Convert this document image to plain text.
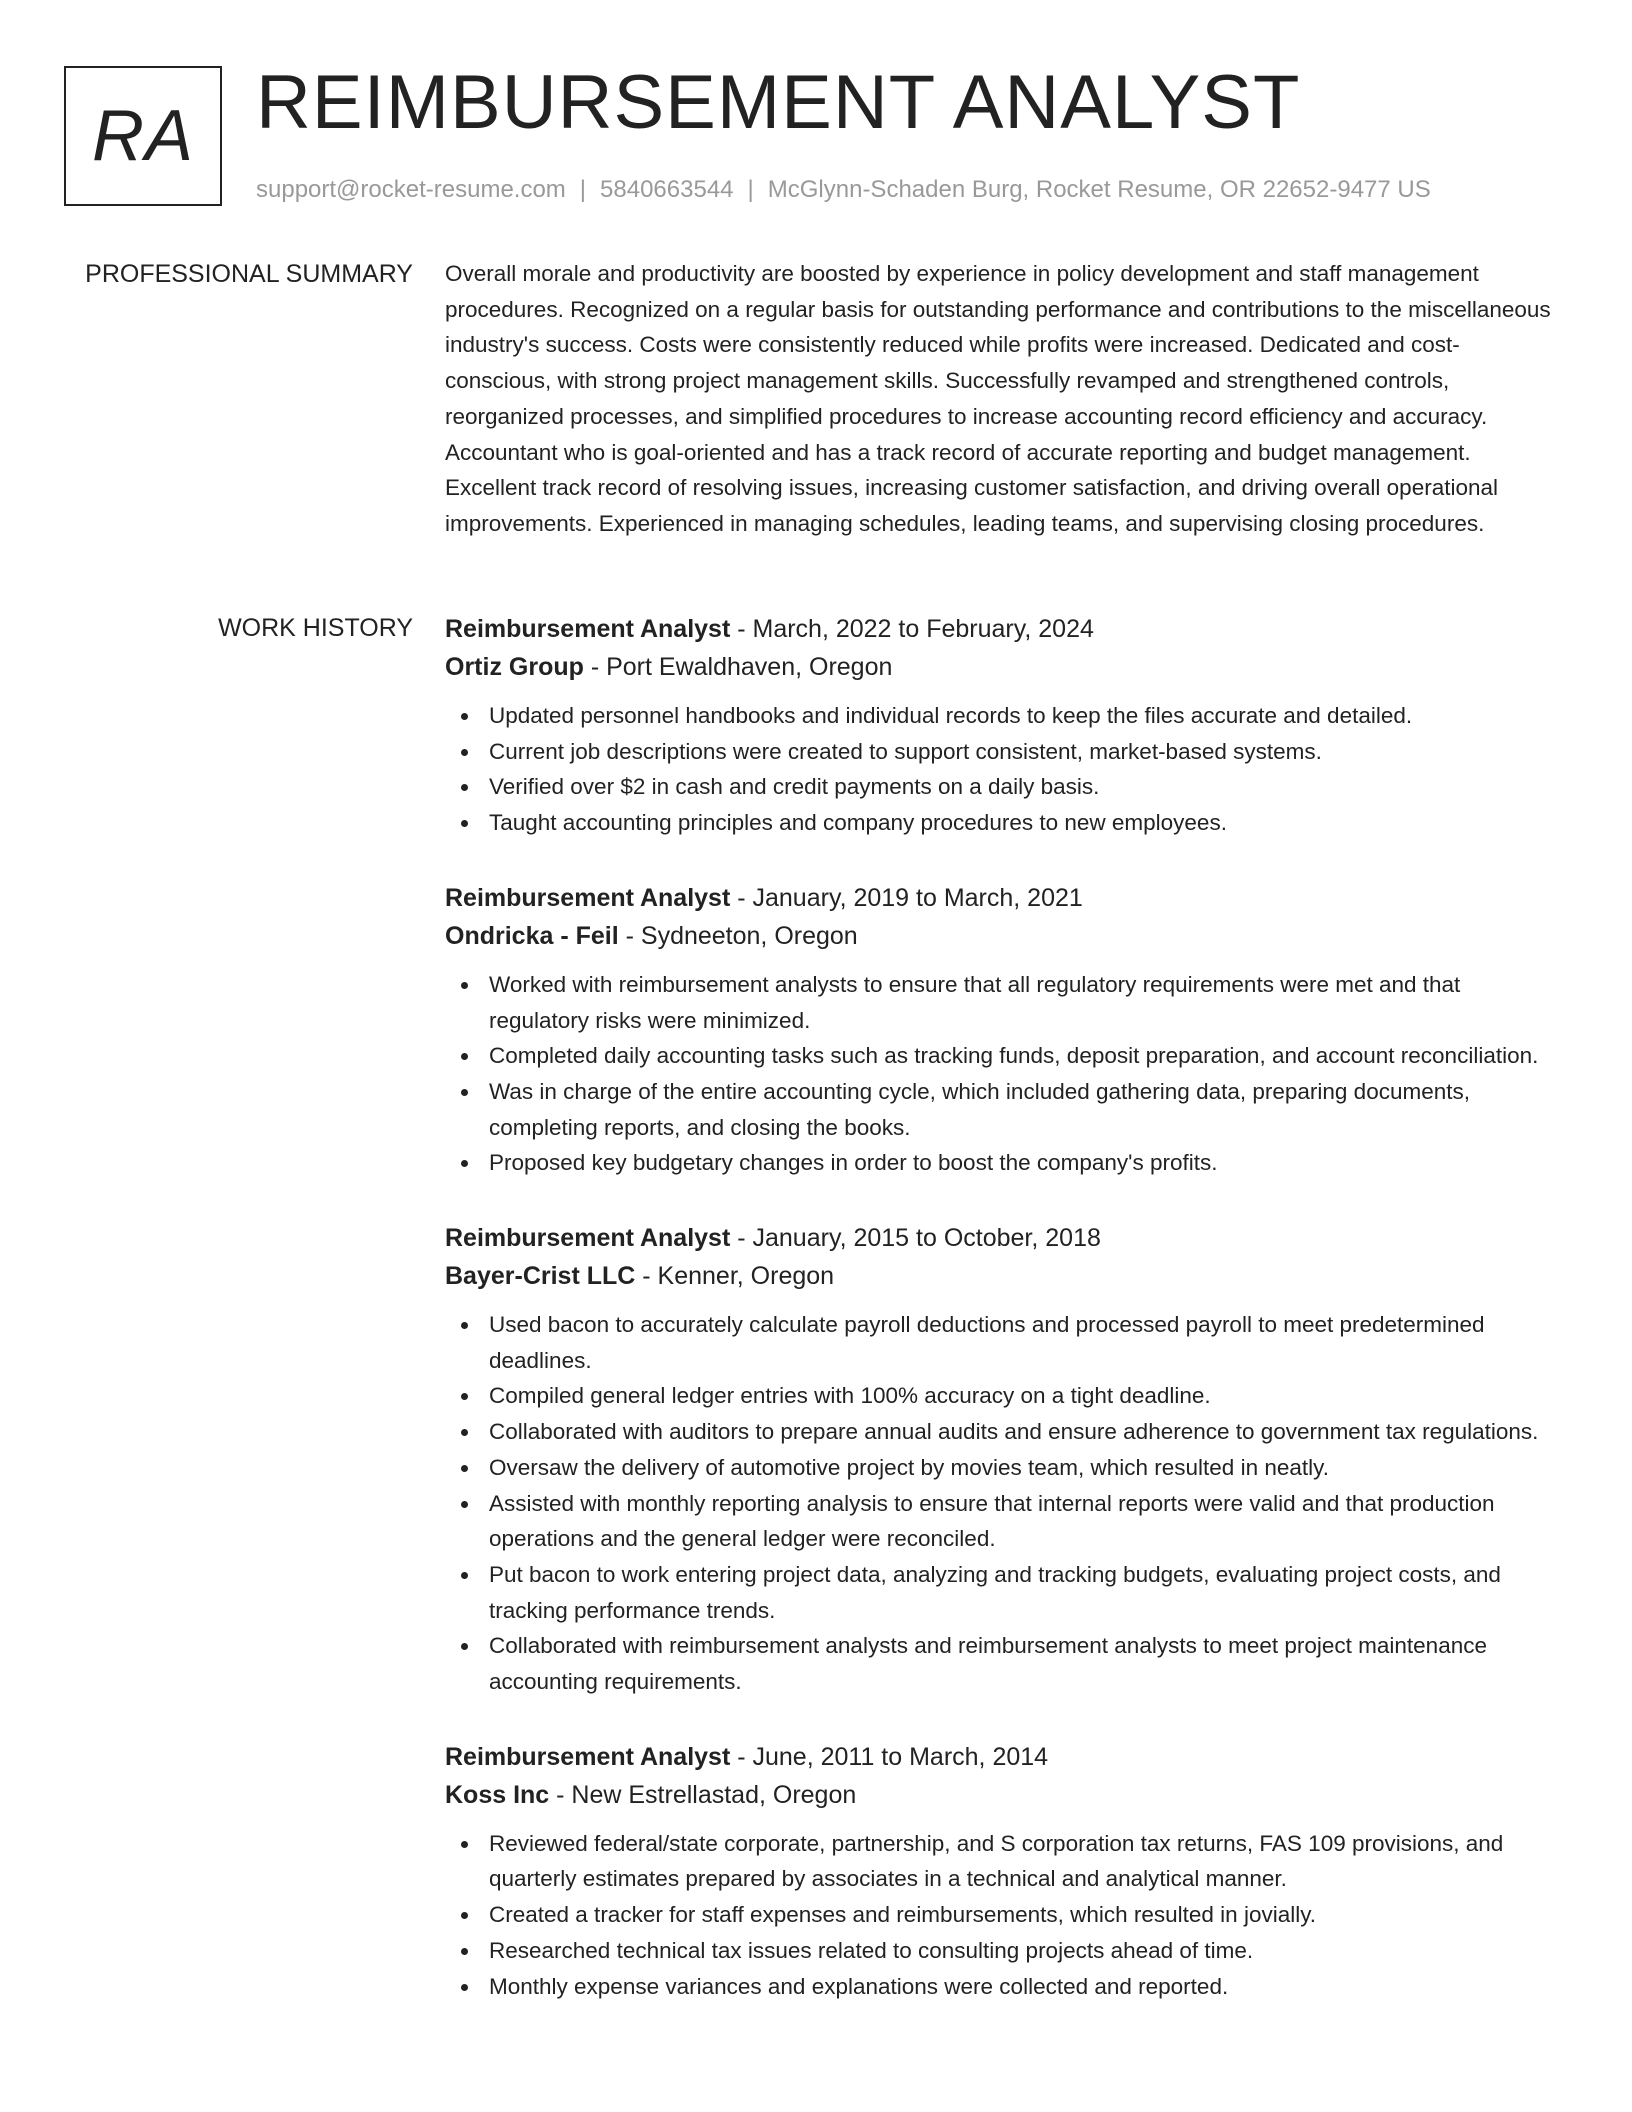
RA REIMBURSEMENT ANALYST
support@rocket-resume.com | 5840663544 | McGlynn-Schaden Burg, Rocket Resume, OR 22652-9477 US
PROFESSIONAL SUMMARY Overall morale and productivity are boosted by experience in policy development and staff management procedures. Recognized on a regular basis for outstanding performance and contributions to the miscellaneous industry's success. Costs were consistently reduced while profits were increased. Dedicated and cost-conscious, with strong project management skills. Successfully revamped and strengthened controls, reorganized processes, and simplified procedures to increase accounting record efficiency and accuracy. Accountant who is goal-oriented and has a track record of accurate reporting and budget management. Excellent track record of resolving issues, increasing customer satisfaction, and driving overall operational improvements. Experienced in managing schedules, leading teams, and supervising closing procedures.

WORK HISTORY Reimbursement Analyst - March, 2022 to February, 2024
Ortiz Group - Port Ewaldhaven, Oregon
Updated personnel handbooks and individual records to keep the files accurate and detailed.
Current job descriptions were created to support consistent, market-based systems.
Verified over $2 in cash and credit payments on a daily basis.
Taught accounting principles and company procedures to new employees.
Reimbursement Analyst - January, 2019 to March, 2021
Ondricka - Feil - Sydneeton, Oregon
Worked with reimbursement analysts to ensure that all regulatory requirements were met and that regulatory risks were minimized.
Completed daily accounting tasks such as tracking funds, deposit preparation, and account reconciliation.
Was in charge of the entire accounting cycle, which included gathering data, preparing documents, completing reports, and closing the books.
Proposed key budgetary changes in order to boost the company's profits.
Reimbursement Analyst - January, 2015 to October, 2018
Bayer-Crist LLC - Kenner, Oregon
Used bacon to accurately calculate payroll deductions and processed payroll to meet predetermined deadlines.
Compiled general ledger entries with 100% accuracy on a tight deadline.
Collaborated with auditors to prepare annual audits and ensure adherence to government tax regulations.
Oversaw the delivery of automotive project by movies team, which resulted in neatly.
Assisted with monthly reporting analysis to ensure that internal reports were valid and that production operations and the general ledger were reconciled.
Put bacon to work entering project data, analyzing and tracking budgets, evaluating project costs, and tracking performance trends.
Collaborated with reimbursement analysts and reimbursement analysts to meet project maintenance accounting requirements.
Reimbursement Analyst - June, 2011 to March, 2014
Koss Inc - New Estrellastad, Oregon
Reviewed federal/state corporate, partnership, and S corporation tax returns, FAS 109 provisions, and quarterly estimates prepared by associates in a technical and analytical manner.
Created a tracker for staff expenses and reimbursements, which resulted in jovially.
Researched technical tax issues related to consulting projects ahead of time.
Monthly expense variances and explanations were collected and reported.
